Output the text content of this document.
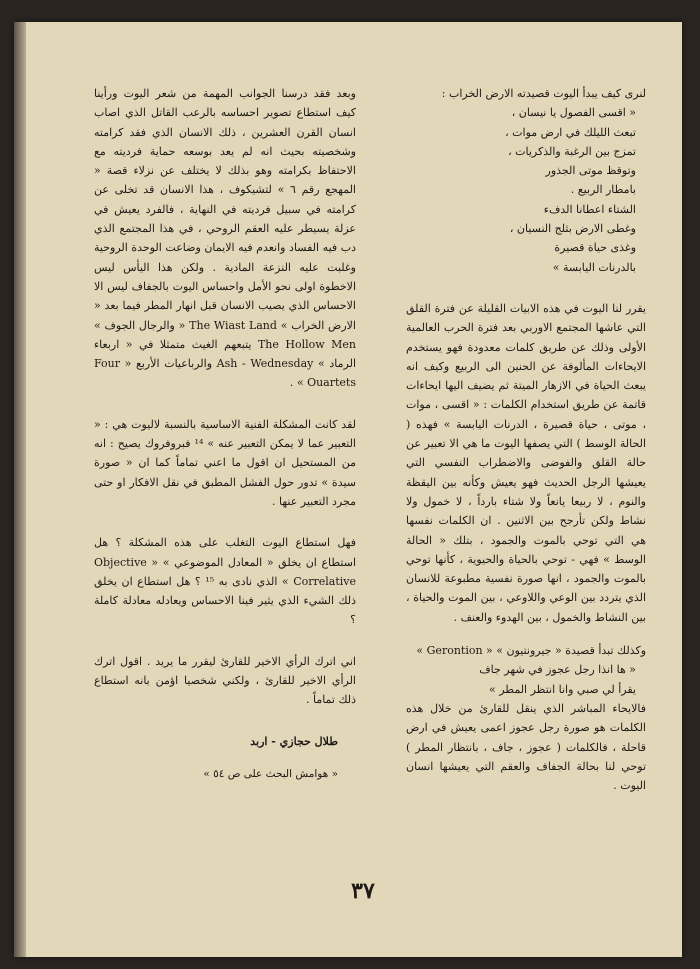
لنرى كيف يبدأ اليوت قصيدته الارض الخراب :

« اقسى الفصول يا نيسان ،

تبعث الليلك في ارض موات ،

تمزج بين الرغبة والذكريات ،

وتوقظ موتى الجذور

بامطار الربيع .

الشتاء اعطانا الدفء

وغطى الارض بثلج النسيان ،

وغذى حياة قصيرة

بالدرنات اليابسة »

يقرر لنا اليوت في هذه الابيات القليلة عن فترة القلق التي عاشها المجتمع الاوربي بعد فترة الحرب العالمية الأولى وذلك عن طريق كلمات معدودة فهو يستخدم الايحاءات المألوفة عن الحنين الى الربيع وكيف انه يبعث الحياة في الازهار الميتة ثم يضيف اليها ايحاءات قاتمة عن طريق استخدام الكلمات : « اقسى ، موات ، موتى ، حياة قصيرة ، الدرنات اليابسة » فهذه ( الحالة الوسط ) التي يصفها اليوت ما هي الا تعبير عن حالة القلق والفوضى والاضطراب النفسي التي يعيشها الرجل الحديث فهو يعيش وكأنه بين اليقظة والنوم ، لا ربيعا يانعاً ولا شتاء بارداً ، لا خمول ولا نشاط ولكن تأرجح بين الاثنين . ان الكلمات نفسها هي التي توحي بالموت والجمود ، بتلك « الحالة الوسط » فهي - توحي بالحياة والحيوية ، كأنها توحي بالموت والجمود ، انها صورة نفسية مطبوعة للانسان الذي يتردد بين الوعي واللاوعي ، بين الموت والحياة ، بين النشاط والخمول ، بين الهدوء والعنف .

وكذلك تبدأ قصيدة « جيرونتيون » « Gerontion »

« ها انذا رجل عجوز في شهر جاف

يقرأ لي صبي وانا انتظر المطر »

فالايحاء المباشر الذي ينقل للقارئ من خلال هذه الكلمات هو صورة رجل عجوز اعمى يعيش في ارض قاحلة ، فالكلمات ( عجوز ، جاف ، بانتظار المطر ) توحي لنا بحالة الجفاف والعقم التي يعيشها انسان اليوت .

وبعد فقد درسنا الجوانب المهمة من شعر اليوت ورأينا كيف استطاع تصوير احساسه بالرعب القاتل الذي اصاب انسان القرن العشرين ، ذلك الانسان الذي فقد كرامته وشخصيته بحيث انه لم يعد بوسعه حماية فرديته مع الاحتفاظ بكرامته وهو بذلك لا يختلف عن نزلاء قصة « المهجع رقم ٦ » لتشيكوف ، هذا الانسان قد تخلى عن كرامته في سبيل فرديته في النهاية ، فالفرد يعيش في عزلة يسيطر عليه العقم الروحي ، في هذا المجتمع الذي دب فيه الفساد وانعدم فيه الايمان وضاعت الوحدة الروحية وغلبت عليه النزعة المادية . ولكن هذا اليأس ليس الاخطوة اولى نحو الأمل واحساس اليوت بالجفاف ليس الا الاحساس الذي يصيب الانسان قبل انهار المطر فيما بعد « الارض الخراب » The Wiast Land « والرجال الجوف » The Hollow Men يتبعهم الغيث متمثلا في « اربعاء الرماد » Ash - Wednesday والرباعيات الأربع « Four Ouartets » .

لقد كانت المشكلة الفنية الاساسية بالنسبة لاليوت هي : « التعبير عما لا يمكن التعبير عنه » ¹⁴ فبروفروك يصيح : انه من المستحيل ان اقول ما اعني تماماً كما ان « صورة سيدة » تدور حول الفشل المطبق في نقل الافكار او حتى مجرد التعبير عنها .

فهل استطاع اليوت التغلب على هذه المشكلة ؟ هل استطاع ان يخلق « المعادل الموضوعي » « Objective Correlative » الذي نادى به ¹⁵ ؟ هل استطاع ان يخلق ذلك الشيء الذي يثير فينا الاحساس ويعادله معادلة كاملة ؟

اني اترك الرأي الاخير للقارئ ليقرر ما يريد . اقول اترك الرأي الاخير للقارئ ، ولكني شخصيا اؤمن بانه استطاع ذلك تماماً .

طلال حجازي - اربد

« هوامش البحث على ص ٥٤ »

٣٧
